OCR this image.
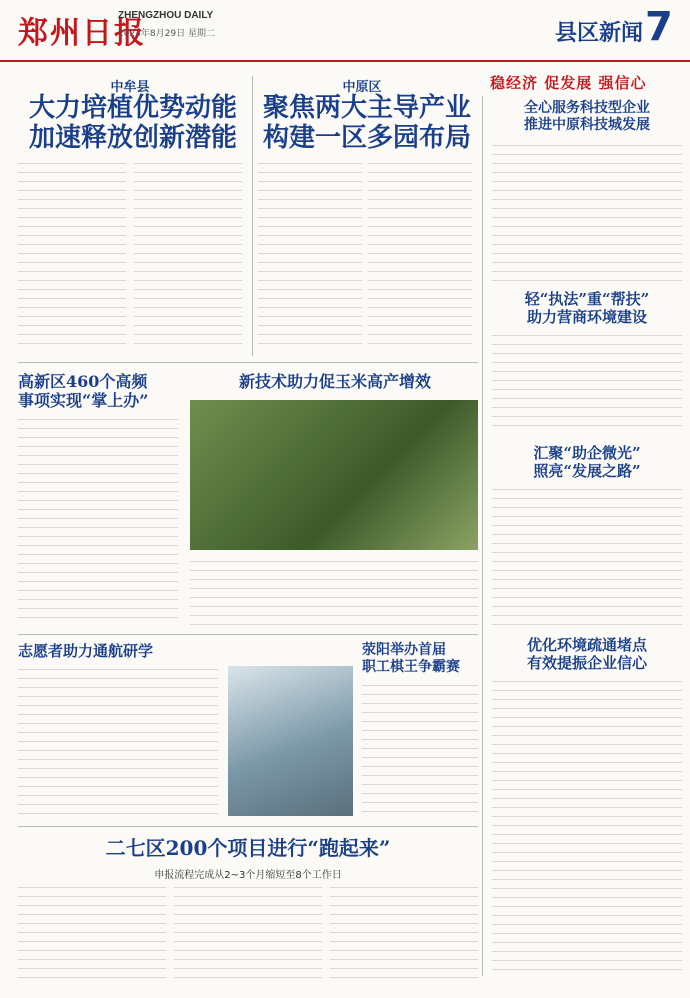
郑州日报
ZHENGZHOU DAILY
2023年8月29日 星期二	县区新闻 7
稳经济 促发展 强信心
中牟县
大力培植优势动能
加速释放创新潜能
中原区
聚焦两大主导产业
构建一区多园布局
全心服务科技型企业
推进中原科技城发展
轻“执法”重“帮扶”
助力营商环境建设
汇聚“助企微光”
照亮“发展之路”
优化环境疏通堵点
有效提振企业信心
高新区460个高频
事项实现“掌上办”
新技术助力促玉米高产增效
志愿者助力通航研学	荥阳举办首届
职工棋王争霸赛
二七区200个项目进行“跑起来”
申报流程完成从2~3个月缩短至8个工作日
